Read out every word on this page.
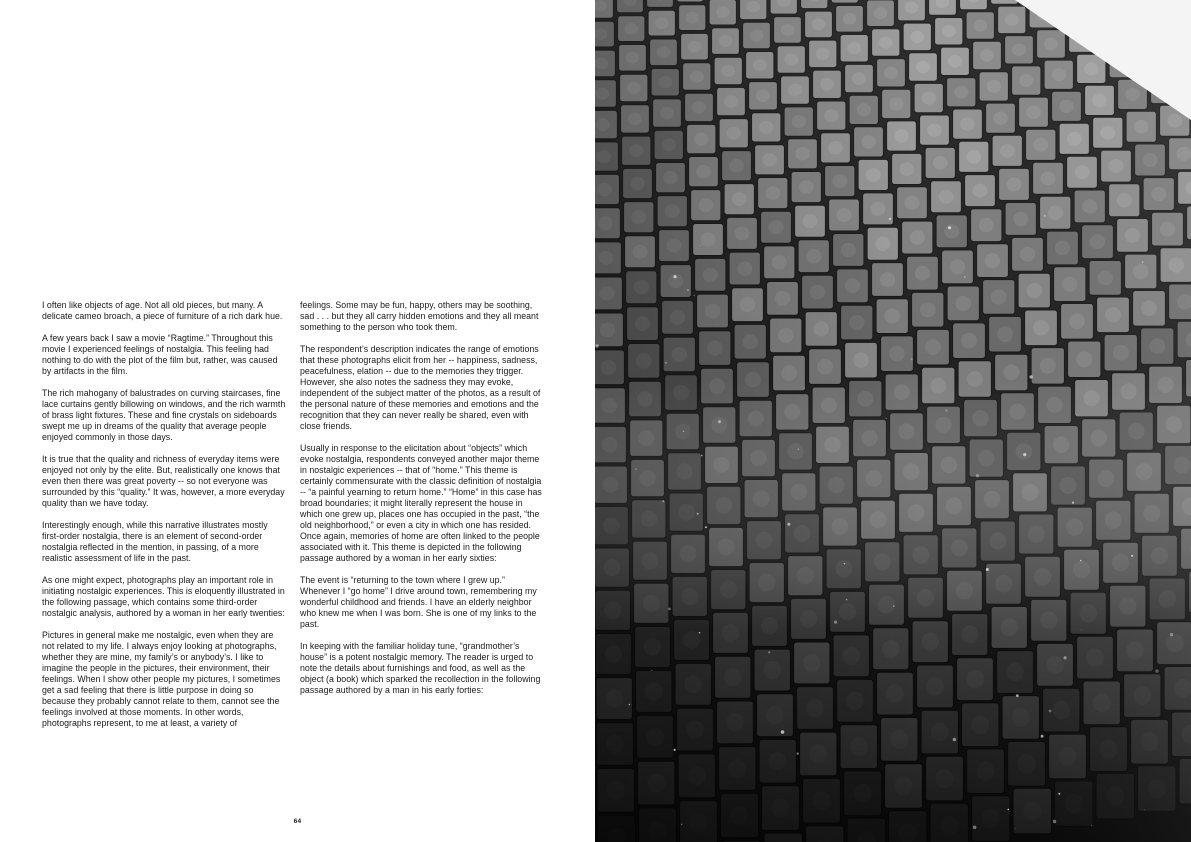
I often like objects of age. Not all old pieces, but many. A delicate cameo broach, a piece of furniture of a rich dark hue.

A few years back I saw a movie “Ragtime.” Throughout this movie I experienced feelings of nostalgia. This feeling had nothing to do with the plot of the film but, rather, was caused by artifacts in the film.

The rich mahogany of balustrades on curving staircases, fine lace curtains gently billowing on windows, and the rich warmth of brass light fixtures. These and fine crystals on sideboards swept me up in dreams of the quality that average people enjoyed commonly in those days.

It is true that the quality and richness of everyday items were enjoyed not only by the elite. But, realistically one knows that even then there was great poverty -- so not everyone was surrounded by this “quality.” It was, however, a more everyday quality than we have today.

Interestingly enough, while this narrative illustrates mostly first-order nostalgia, there is an element of second-order nostalgia reflected in the mention, in passing, of a more realistic assessment of life in the past.

As one might expect, photographs play an important role in initiating nostalgic experiences. This is eloquently illustrated in the following passage, which contains some third-order nostalgic analysis, authored by a woman in her early twenties:

Pictures in general make me nostalgic, even when they are not related to my life. I always enjoy looking at photographs, whether they are mine, my family’s or anybody’s. I like to imagine the people in the pictures, their environment, their feelings. When I show other people my pictures, I sometimes get a sad feeling that there is little purpose in doing so because they probably cannot relate to them, cannot see the feelings involved at those moments. In other words, photographs represent, to me at least, a variety of

feelings. Some may be fun, happy, others may be soothing, sad . . . but they all carry hidden emotions and they all meant something to the person who took them.

The respondent’s description indicates the range of emotions that these photographs elicit from her -- happiness, sadness, peacefulness, elation -- due to the memories they trigger. However, she also notes the sadness they may evoke, independent of the subject matter of the photos, as a result of the personal nature of these memories and emotions and the recognition that they can never really be shared, even with close friends.

Usually in response to the elicitation about “objects” which evoke nostalgia, respondents conveyed another major theme in nostalgic experiences -- that of “home.” This theme is certainly commensurate with the classic definition of nostalgia -- “a painful yearning to return home.” “Home” in this case has broad boundaries; it might literally represent the house in which one grew up, places one has occupied in the past, “the old neighborhood,” or even a city in which one has resided. Once again, memories of home are often linked to the people associated with it. This theme is depicted in the following passage authored by a woman in her early sixties:

The event is “returning to the town where I grew up.” Whenever I “go home” I drive around town, remembering my wonderful childhood and friends. I have an elderly neighbor who knew me when I was born. She is one of my links to the past.

In keeping with the familiar holiday tune, “grandmother’s house” is a potent nostalgic memory. The reader is urged to note the details about furnishings and food, as well as the object (a book) which sparked the recollection in the following passage authored by a man in his early forties:

64
